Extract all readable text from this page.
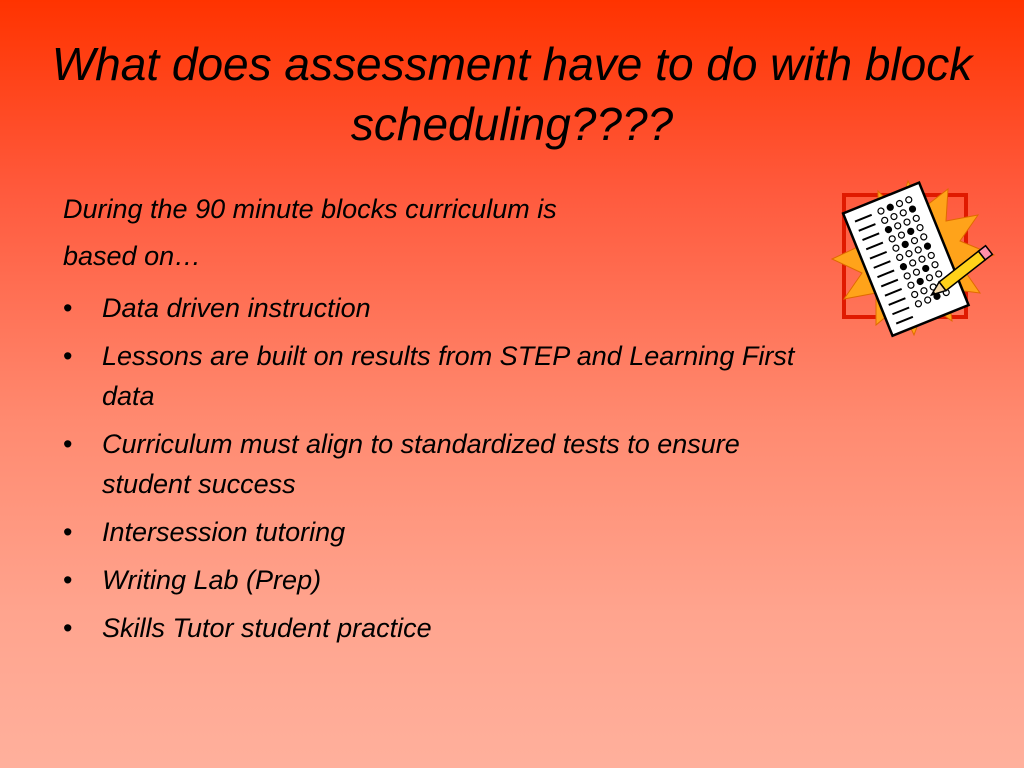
What does assessment have to do with block scheduling????

During the 90 minute blocks curriculum is

based on…

• Data driven instruction
• Lessons are built on results from STEP and Learning First data
• Curriculum must align to standardized tests to ensure student success
• Intersession tutoring
• Writing Lab (Prep)
• Skills Tutor student practice
